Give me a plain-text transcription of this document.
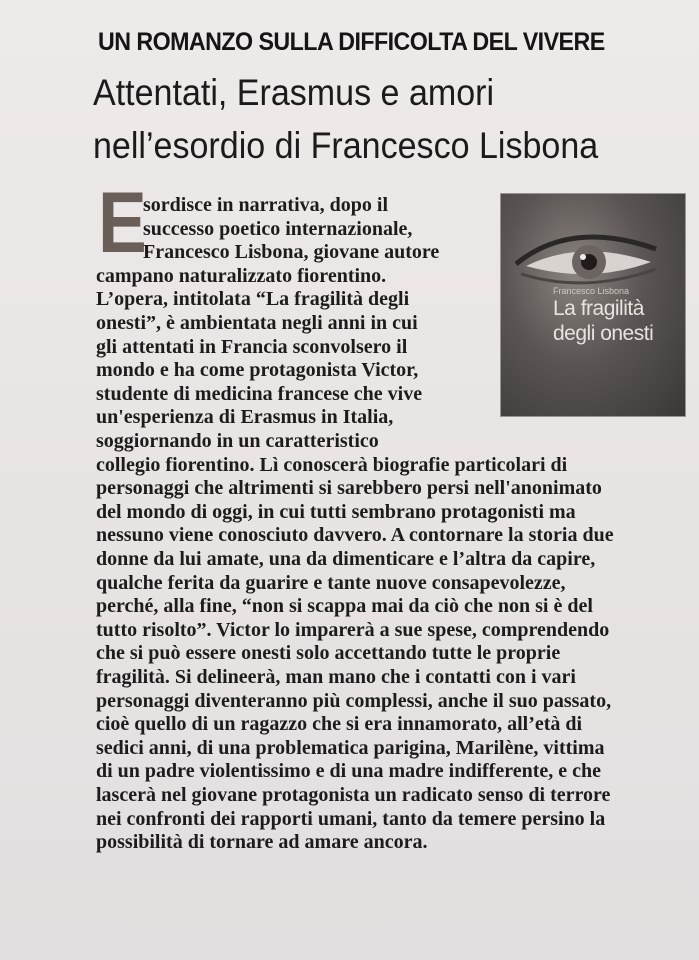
UN ROMANZO SULLA DIFFICOLTA DEL VIVERE
Attentati, Erasmus e amori
nell’esordio di Francesco Lisbona
Francesco Lisbona
La fragilità
degli onesti
E
sordisce in narrativa, dopo il
successo poetico internazionale,
Francesco Lisbona, giovane autore
campano naturalizzato fiorentino.
L’opera, intitolata “La fragilità degli
onesti”, è ambientata negli anni in cui
gli attentati in Francia sconvolsero il
mondo e ha come protagonista Victor,
studente di medicina francese che vive
un'esperienza di Erasmus in Italia,
soggiornando in un caratteristico
collegio fiorentino. Lì conoscerà biografie particolari di
personaggi che altrimenti si sarebbero persi nell'anonimato
del mondo di oggi, in cui tutti sembrano protagonisti ma
nessuno viene conosciuto davvero. A contornare la storia due
donne da lui amate, una da dimenticare e l’altra da capire,
qualche ferita da guarire e tante nuove consapevolezze,
perché, alla fine, “non si scappa mai da ciò che non si è del
tutto risolto”. Victor lo imparerà a sue spese, comprendendo
che si può essere onesti solo accettando tutte le proprie
fragilità. Si delineerà, man mano che i contatti con i vari
personaggi diventeranno più complessi, anche il suo passato,
cioè quello di un ragazzo che si era innamorato, all’età di
sedici anni, di una problematica parigina, Marilène, vittima
di un padre violentissimo e di una madre indifferente, e che
lascerà nel giovane protagonista un radicato senso di terrore
nei confronti dei rapporti umani, tanto da temere persino la
possibilità di tornare ad amare ancora.
